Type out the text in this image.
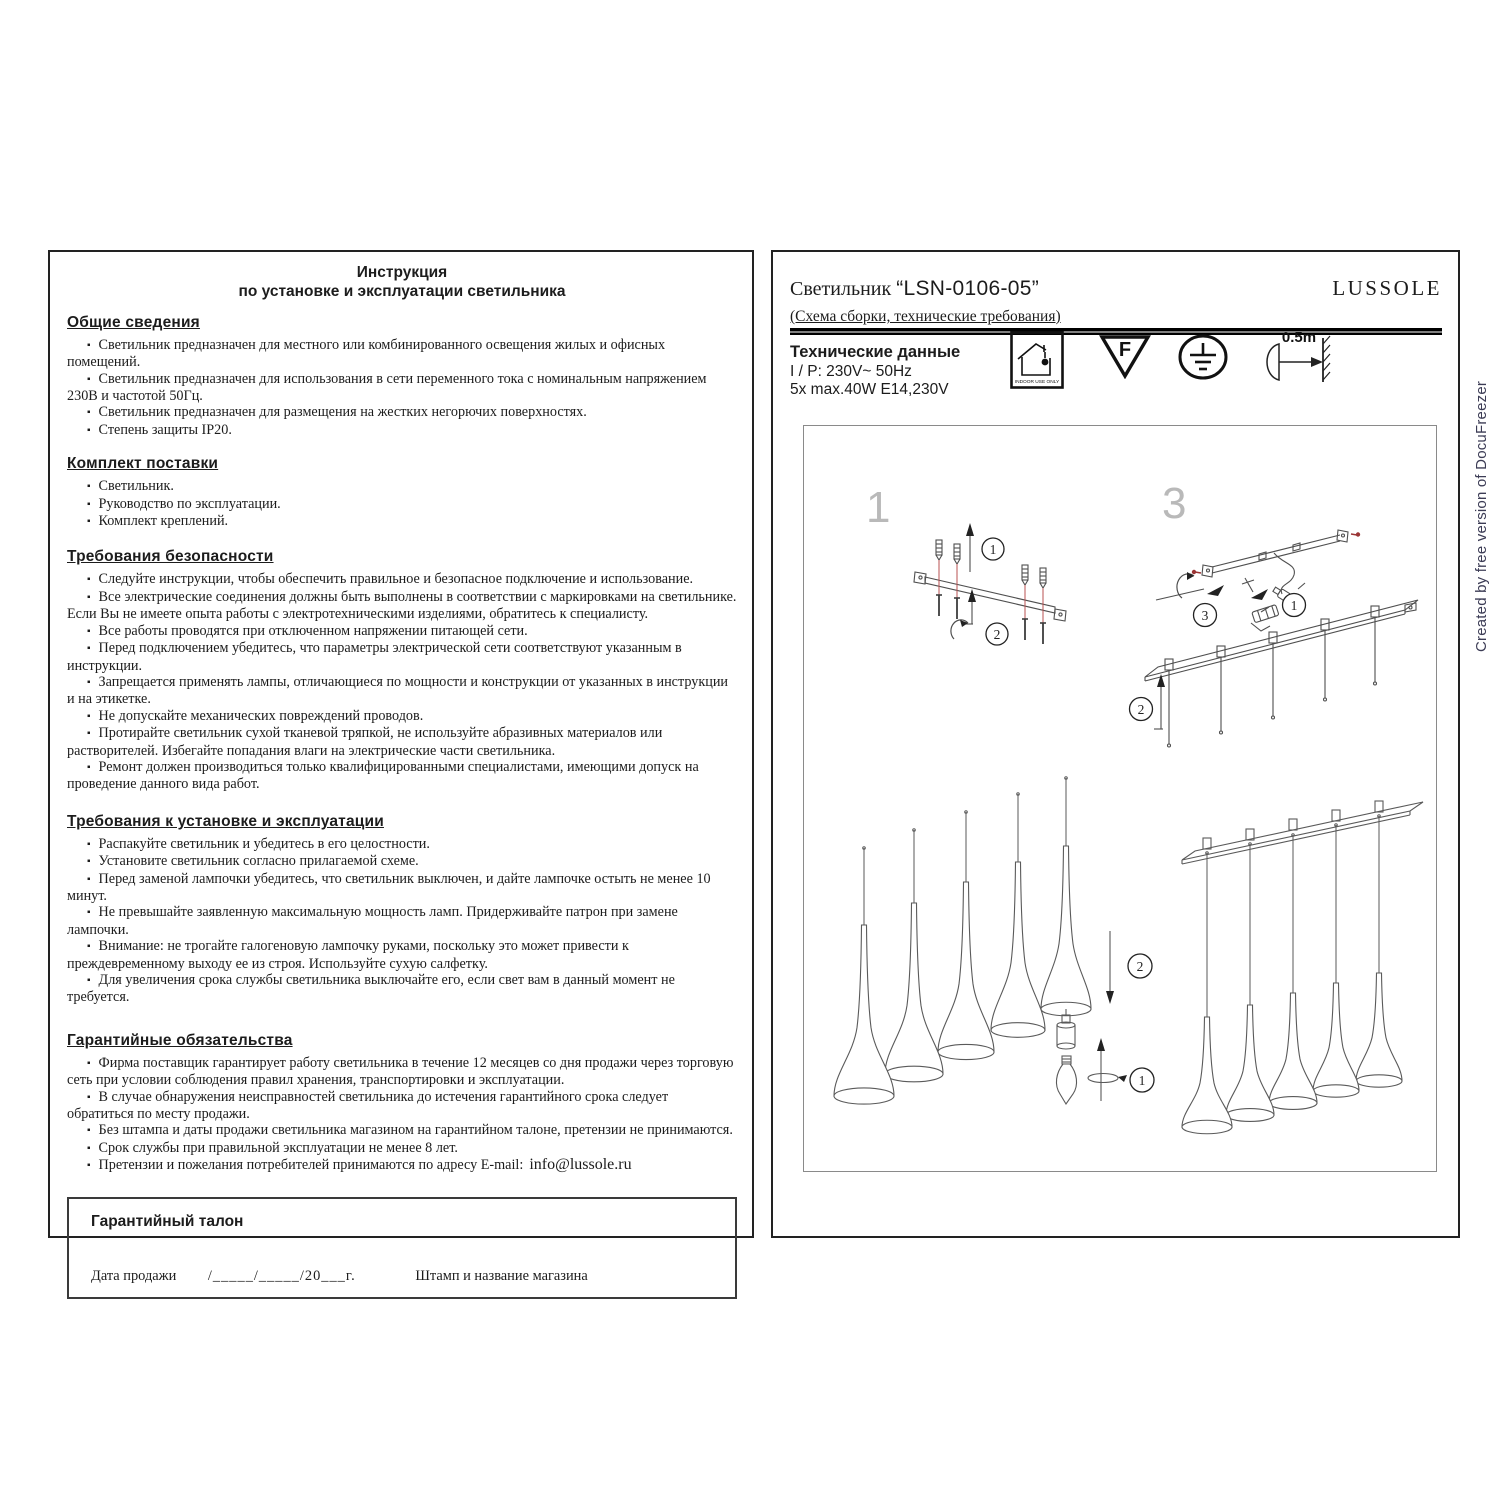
Инструкция
по установке и эксплуатации светильника
Общие сведения

▪ Светильник предназначен для местного или комбинированного освещения жилых и офисных помещений.

▪ Светильник предназначен для использования в сети переменного тока с номинальным напряжением 230В и частотой 50Гц.

▪ Светильник предназначен для размещения на жестких негорючих поверхностях.

▪ Степень защиты IP20.

Комплект поставки

▪ Светильник.

▪ Руководство по эксплуатации.

▪ Комплект креплений.

Требования безопасности

▪ Следуйте инструкции, чтобы обеспечить правильное и безопасное подключение и использование.

▪ Все электрические соединения должны быть выполнены в соответствии с маркировками на светильнике. Если Вы не имеете опыта работы с электротехническими изделиями, обратитесь к специалисту.

▪ Все работы проводятся при отключенном напряжении питающей сети.

▪ Перед подключением убедитесь, что параметры электрической сети соответствуют указанным в инструкции.

▪ Запрещается применять лампы, отличающиеся по мощности и конструкции от указанных в инструкции и на этикетке.

▪ Не допускайте механических повреждений проводов.

▪ Протирайте светильник сухой тканевой тряпкой, не используйте абразивных материалов или растворителей. Избегайте попадания влаги на электрические части светильника.

▪ Ремонт должен производиться только квалифицированными специалистами, имеющими допуск на проведение данного вида работ.

Требования к установке и эксплуатации

▪ Распакуйте светильник и убедитесь в его целостности.

▪ Установите светильник согласно прилагаемой схеме.

▪ Перед заменой лампочки убедитесь, что светильник выключен, и дайте лампочке остыть не менее 10 минут.

▪ Не превышайте заявленную максимальную мощность ламп. Придерживайте патрон при замене лампочки.

▪ Внимание: не трогайте галогеновую лампочку руками, поскольку это может привести к преждевременному выходу ее из строя. Используйте сухую салфетку.

▪ Для увеличения срока службы светильника выключайте его, если свет вам в данный момент не требуется.

Гарантийные обязательства

▪ Фирма поставщик гарантирует работу светильника в течение 12 месяцев со дня продажи через торговую сеть при условии соблюдения правил хранения, транспортировки и эксплуатации.

▪ В случае обнаружения неисправностей светильника до истечения гарантийного срока следует обратиться по месту продажи.

▪ Без штампа и даты продажи светильника магазином на гарантийном талоне, претензии не принимаются.

▪ Срок службы при правильной эксплуатации не менее 8 лет.

▪ Претензии и пожелания потребителей принимаются по адресу E-mail: info@lussole.ru

Гарантийный талон
Дата продажи /_____/_____/20___г.	Штамп и название магазина
Светильник “LSN-0106-05”	LUSSOLE
(Схема сборки, технические требования)
Технические данные
I / P: 230V~ 50Hz
5x max.40W E14,230V	INDOOR USE ONLY
F
0.5m
1	3
1
2
3
1
2
2
1
Created by free version of DocuFreezer
